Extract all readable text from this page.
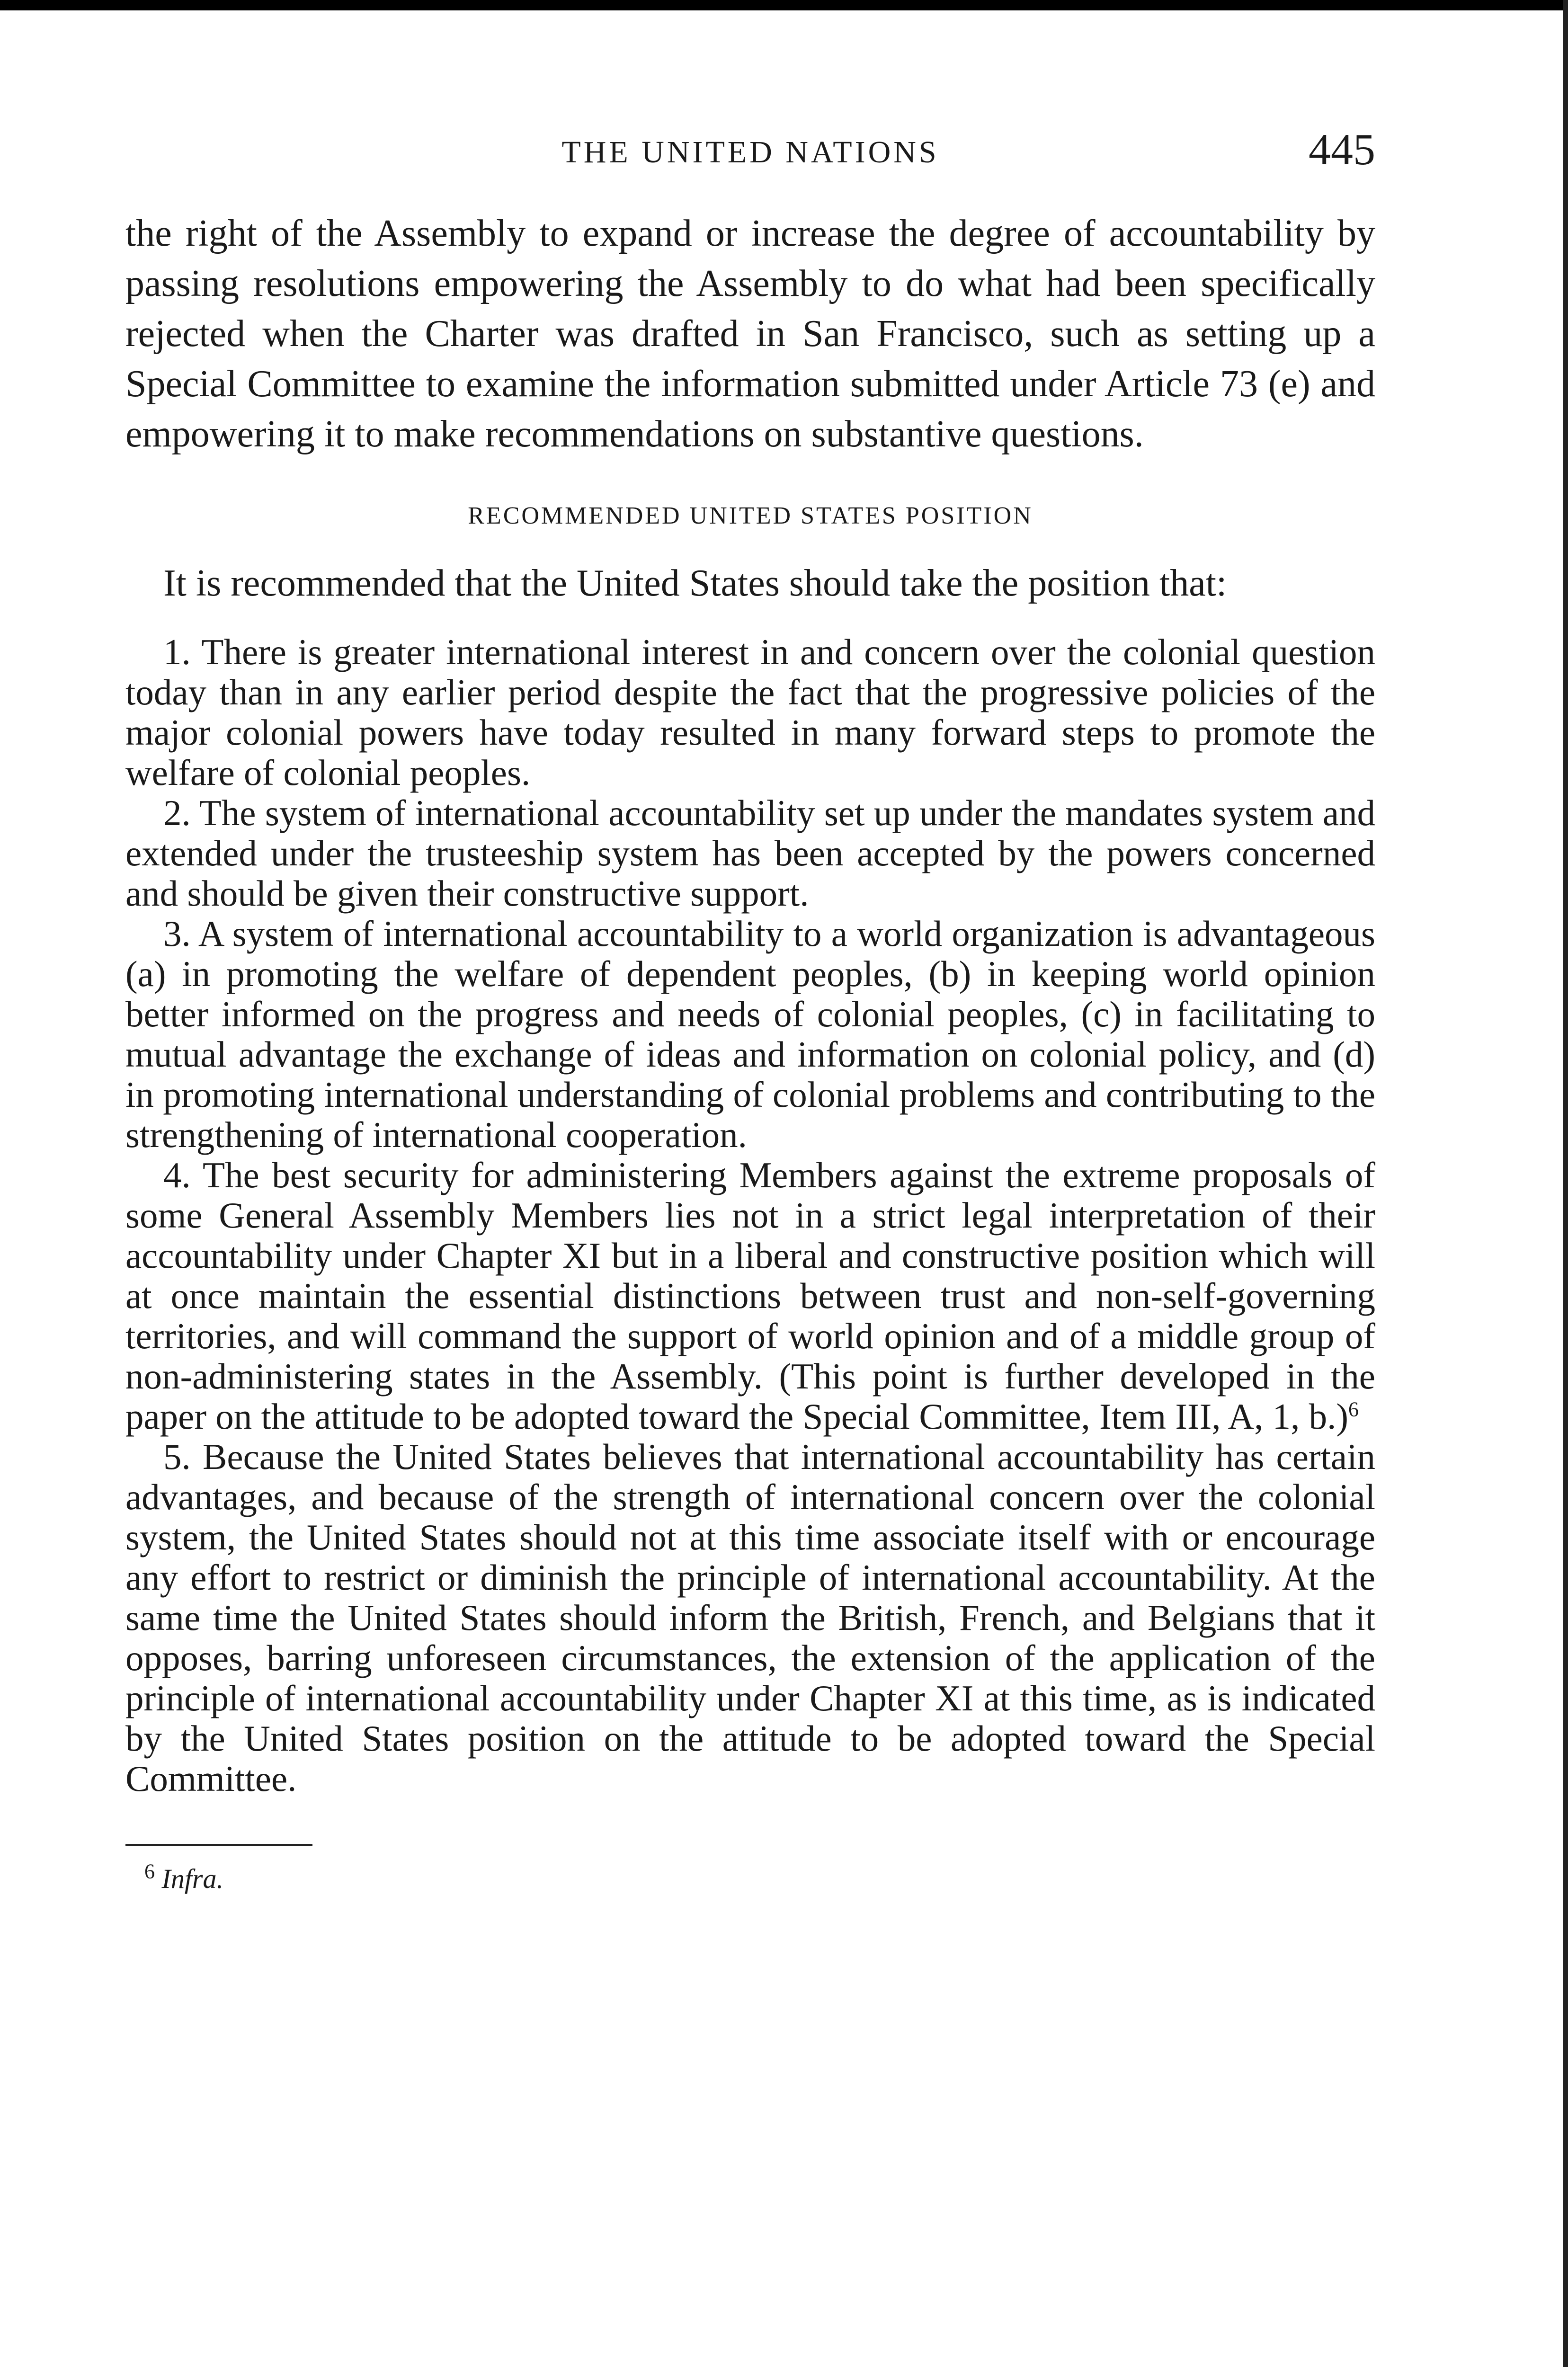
THE UNITED NATIONS	445

the right of the Assembly to expand or increase the degree of accountability by passing resolutions empowering the Assembly to do what had been specifically rejected when the Charter was drafted in San Francisco, such as setting up a Special Committee to examine the information submitted under Article 73 (e) and empowering it to make recommendations on substantive questions.

RECOMMENDED UNITED STATES POSITION

It is recommended that the United States should take the position that:

1. There is greater international interest in and concern over the colonial question today than in any earlier period despite the fact that the progressive policies of the major colonial powers have today resulted in many forward steps to promote the welfare of colonial peoples.

2. The system of international accountability set up under the mandates system and extended under the trusteeship system has been accepted by the powers concerned and should be given their constructive support.

3. A system of international accountability to a world organization is advantageous (a) in promoting the welfare of dependent peoples, (b) in keeping world opinion better informed on the progress and needs of colonial peoples, (c) in facilitating to mutual advantage the exchange of ideas and information on colonial policy, and (d) in promoting international understanding of colonial problems and contributing to the strengthening of international cooperation.

4. The best security for administering Members against the extreme proposals of some General Assembly Members lies not in a strict legal interpretation of their accountability under Chapter XI but in a liberal and constructive position which will at once maintain the essential distinctions between trust and non-self-governing territories, and will command the support of world opinion and of a middle group of non-administering states in the Assembly. (This point is further developed in the paper on the attitude to be adopted toward the Special Committee, Item III, A, 1, b.)$^6$

5. Because the United States believes that international accountability has certain advantages, and because of the strength of international concern over the colonial system, the United States should not at this time associate itself with or encourage any effort to restrict or diminish the principle of international accountability. At the same time the United States should inform the British, French, and Belgians that it opposes, barring unforeseen circumstances, the extension of the application of the principle of international accountability under Chapter XI at this time, as is indicated by the United States position on the attitude to be adopted toward the Special Committee.

$^6$ Infra.
